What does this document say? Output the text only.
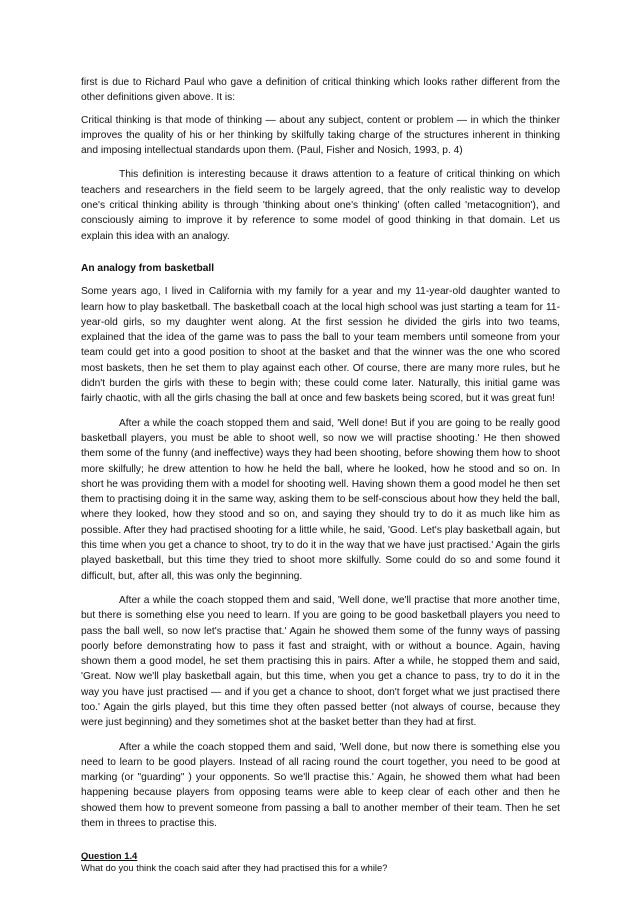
first is due to Richard Paul who gave a definition of critical thinking which looks rather different from the other definitions given above. It is:

Critical thinking is that mode of thinking — about any subject, content or problem — in which the thinker improves the quality of his or her thinking by skilfully taking charge of the structures inherent in thinking and imposing intellectual standards upon them. (Paul, Fisher and Nosich, 1993, p. 4)

This definition is interesting because it draws attention to a feature of critical thinking on which teachers and researchers in the field seem to be largely agreed, that the only realistic way to develop one's critical thinking ability is through 'thinking about one's thinking' (often called 'metacognition'), and consciously aiming to improve it by reference to some model of good thinking in that domain. Let us explain this idea with an analogy.

An analogy from basketball

Some years ago, I lived in California with my family for a year and my 11-year-old daughter wanted to learn how to play basketball. The basketball coach at the local high school was just starting a team for 11-year-old girls, so my daughter went along. At the first session he divided the girls into two teams, explained that the idea of the game was to pass the ball to your team members until someone from your team could get into a good position to shoot at the basket and that the winner was the one who scored most baskets, then he set them to play against each other. Of course, there are many more rules, but he didn't burden the girls with these to begin with; these could come later. Naturally, this initial game was fairly chaotic, with all the girls chasing the ball at once and few baskets being scored, but it was great fun!

After a while the coach stopped them and said, 'Well done! But if you are going to be really good basketball players, you must be able to shoot well, so now we will practise shooting.' He then showed them some of the funny (and ineffective) ways they had been shooting, before showing them how to shoot more skilfully; he drew attention to how he held the ball, where he looked, how he stood and so on. In short he was providing them with a model for shooting well. Having shown them a good model he then set them to practising doing it in the same way, asking them to be self-conscious about how they held the ball, where they looked, how they stood and so on, and saying they should try to do it as much like him as possible. After they had practised shooting for a little while, he said, 'Good. Let's play basketball again, but this time when you get a chance to shoot, try to do it in the way that we have just practised.' Again the girls played basketball, but this time they tried to shoot more skilfully. Some could do so and some found it difficult, but, after all, this was only the beginning.

After a while the coach stopped them and said, 'Well done, we'll practise that more another time, but there is something else you need to learn. If you are going to be good basketball players you need to pass the ball well, so now let's practise that.' Again he showed them some of the funny ways of passing poorly before demonstrating how to pass it fast and straight, with or without a bounce. Again, having shown them a good model, he set them practising this in pairs. After a while, he stopped them and said, 'Great. Now we'll play basketball again, but this time, when you get a chance to pass, try to do it in the way you have just practised — and if you get a chance to shoot, don't forget what we just practised there too.' Again the girls played, but this time they often passed better (not always of course, because they were just beginning) and they sometimes shot at the basket better than they had at first.

After a while the coach stopped them and said, 'Well done, but now there is something else you need to learn to be good players. Instead of all racing round the court together, you need to be good at marking (or "guarding" ) your opponents. So we'll practise this.' Again, he showed them what had been happening because players from opposing teams were able to keep clear of each other and then he showed them how to prevent someone from passing a ball to another member of their team. Then he set them in threes to practise this.

Question 1.4
What do you think the coach said after they had practised this for a while?
